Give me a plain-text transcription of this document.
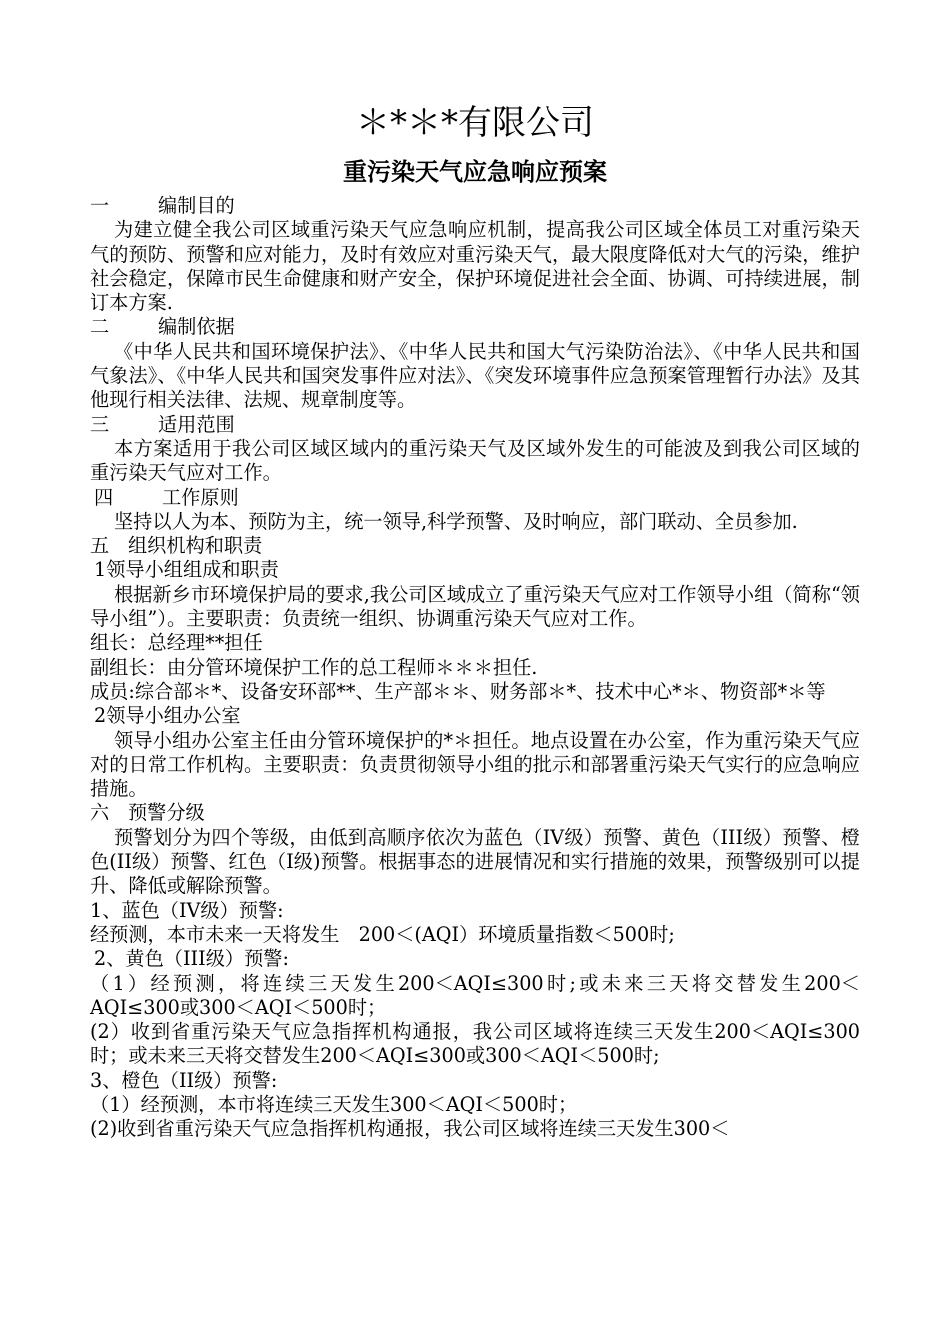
＊*＊*有限公司
重污染天气应急响应预案
一	编制目的

为建立健全我公司区域重污染天气应急响应机制，提高我公司区域全体员工对重污染天气的预防、预警和应对能力，及时有效应对重污染天气，最大限度降低对大气的污染，维护社会稳定，保障市民生命健康和财产安全，保护环境促进社会全面、协调、可持续进展，制订本方案.

二	编制依据

《中华人民共和国环境保护法》、《中华人民共和国大气污染防治法》、《中华人民共和国气象法》、《中华人民共和国突发事件应对法》、《突发环境事件应急预案管理暂行办法》及其他现行相关法律、法规、规章制度等。

三	适用范围

本方案适用于我公司区域区域内的重污染天气及区域外发生的可能波及到我公司区域的重污染天气应对工作。

四	工作原则

坚持以人为本、预防为主，统一领导,科学预警、及时响应，部门联动、全员参加.

五 组织机构和职责
1领导小组组成和职责

根据新乡市环境保护局的要求,我公司区域成立了重污染天气应对工作领导小组（简称“领导小组”）。主要职责：负责统一组织、协调重污染天气应对工作。

组长：总经理**担任

副组长：由分管环境保护工作的总工程师＊＊＊担任.

成员:综合部＊*、设备安环部**、生产部＊＊、财务部＊*、技术中心*＊、物资部*＊等

2领导小组办公室

领导小组办公室主任由分管环境保护的*＊担任。地点设置在办公室，作为重污染天气应对的日常工作机构。主要职责：负责贯彻领导小组的批示和部署重污染天气实行的应急响应措施。

六 预警分级

预警划分为四个等级，由低到高顺序依次为蓝色（IV级）预警、黄色（III级）预警、橙色(II级）预警、红色（I级)预警。根据事态的进展情况和实行措施的效果，预警级别可以提升、降低或解除预警。

1、蓝色（IV级）预警:

经预测，本市未来一天将发生　200＜(AQI）环境质量指数＜500时;

2、黄色（III级）预警:

（1）经预测，将连续三天发生200＜AQI≤300时;或未来三天将交替发生200＜AQI≤300或300＜AQI＜500时；

(2）收到省重污染天气应急指挥机构通报，我公司区域将连续三天发生200＜AQI≤300时；或未来三天将交替发生200＜AQI≤300或300＜AQI＜500时;

3、橙色（II级）预警:

（1）经预测，本市将连续三天发生300＜AQI＜500时；

(2)收到省重污染天气应急指挥机构通报，我公司区域将连续三天发生300＜
